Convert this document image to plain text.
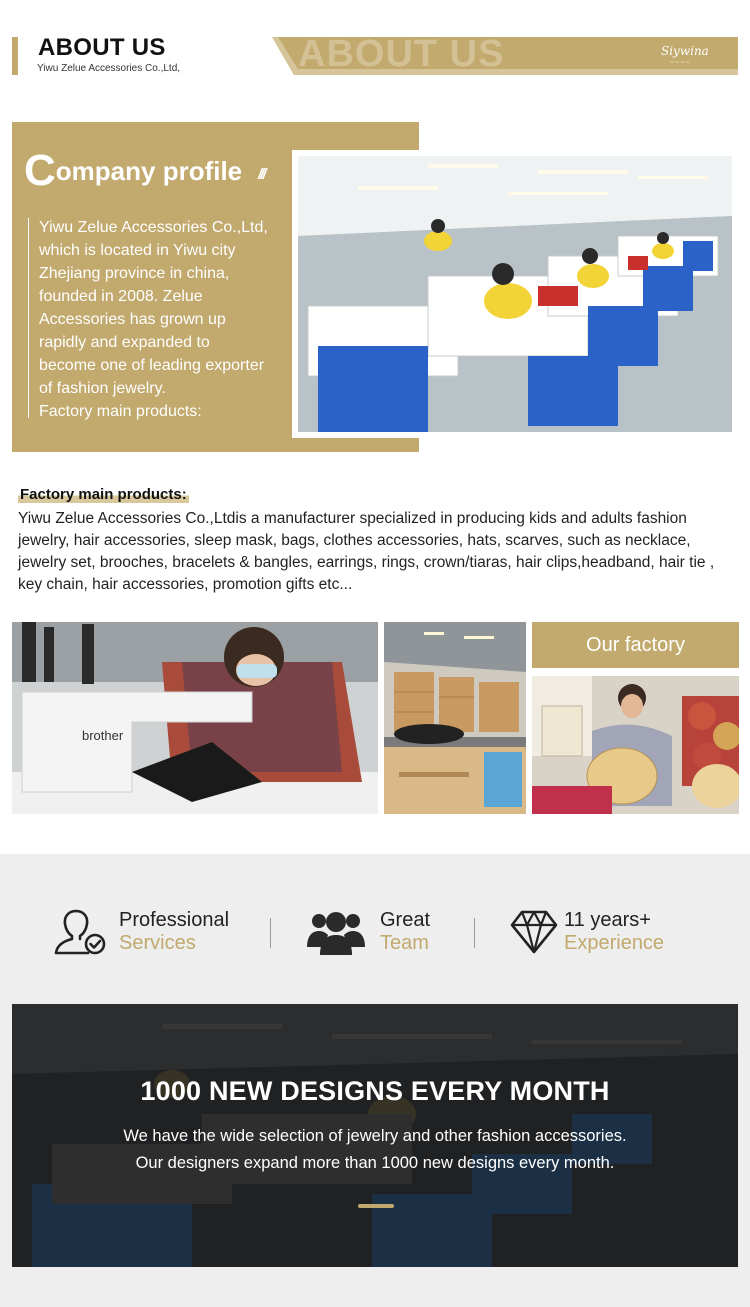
ABOUT US
Yiwu Zelue Accessories Co.,Ltd,	ABOUT US	Siywina
~~~~
Company profile ///
Yiwu Zelue Accessories Co.,Ltd,
which is located in Yiwu city
Zhejiang province in china,
founded in 2008. Zelue
Accessories has grown up
rapidly and expanded to
become one of leading exporter
of fashion jewelry.
Factory main products:
Factory main products:
Yiwu Zelue Accessories Co.,Ltdis a manufacturer specialized in producing kids and adults fashion jewelry, hair accessories, sleep mask, bags, clothes accessories, hats, scarves, such as necklace, jewelry set, brooches, bracelets & bangles, earrings, rings, crown/tiaras, hair clips,headband, hair tie , key chain, hair accessories, promotion gifts etc...
brother
Our factory
Professional
Services
Great
Team
11 years+
Experience
1000 NEW DESIGNS EVERY MONTH
We have the wide selection of jewelry and other fashion accessories.
Our designers expand more than 1000 new designs every month.
